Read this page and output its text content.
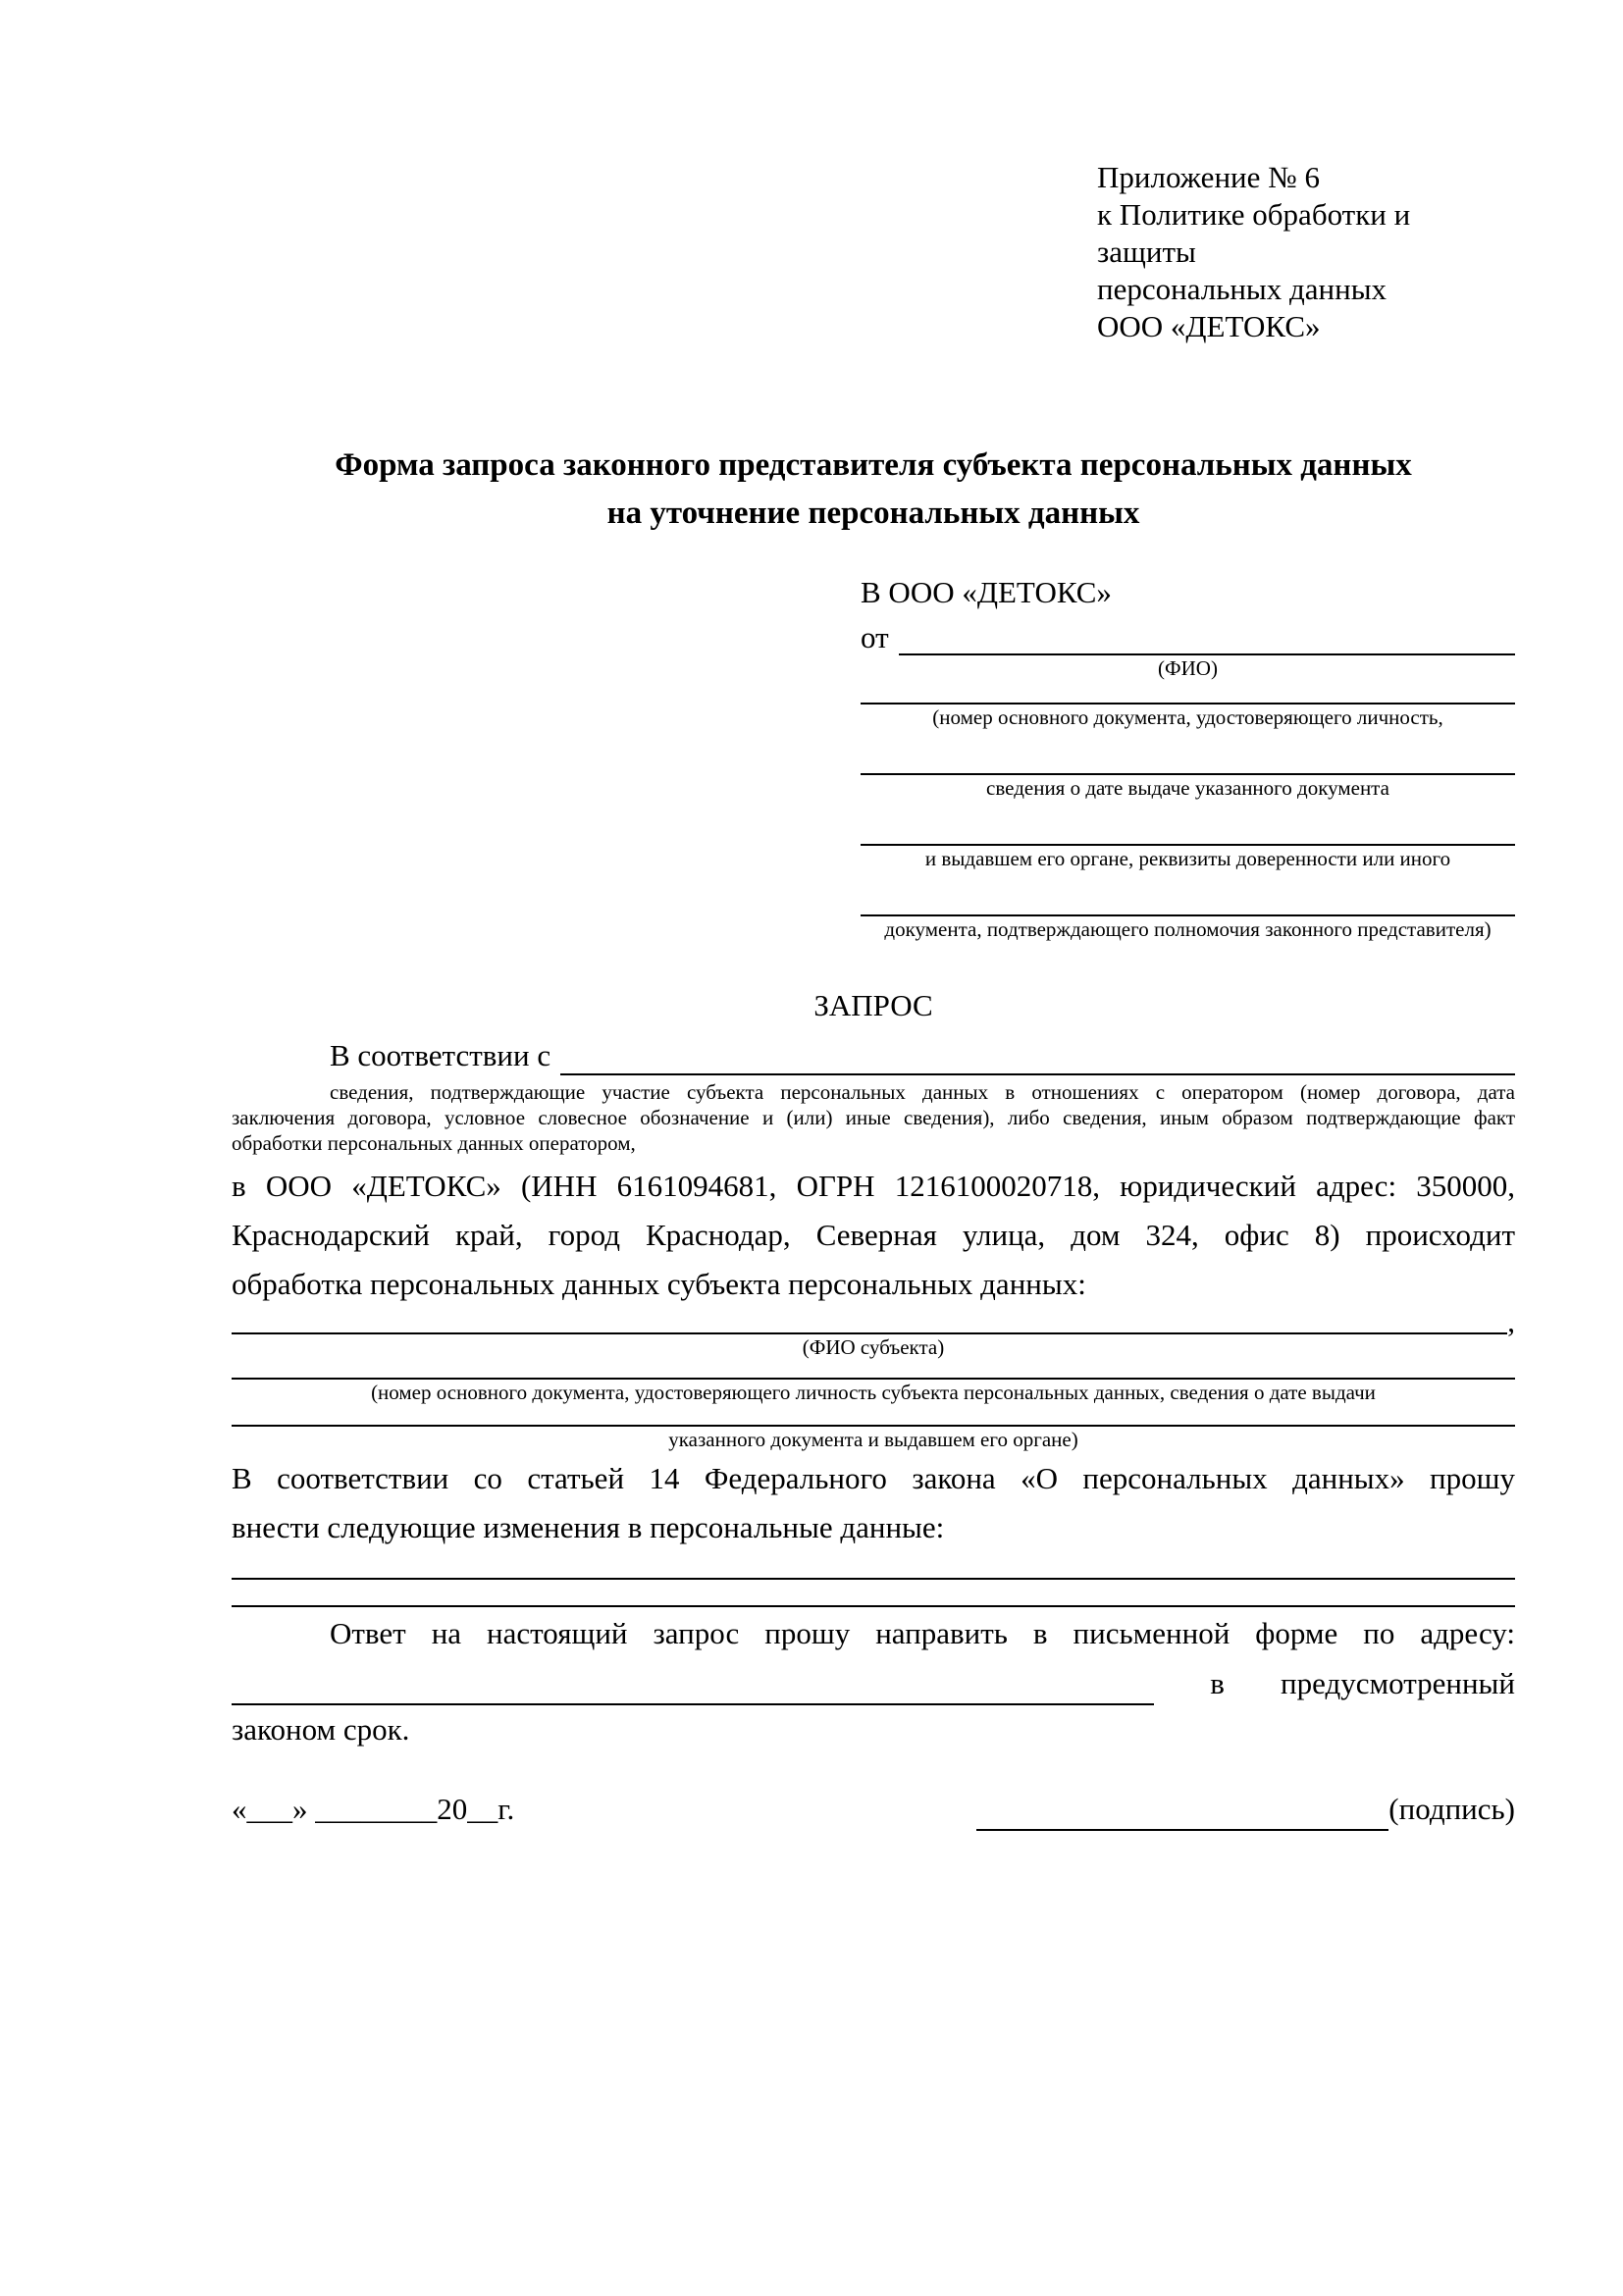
Приложение № 6
к Политике обработки и защиты
персональных данных
ООО «ДЕТОКС»
Форма запроса законного представителя субъекта персональных данных
на уточнение персональных данных
В ООО «ДЕТОКС»
от
(ФИО)
(номер основного документа, удостоверяющего личность,
сведения о дате выдаче указанного документа
и выдавшем его органе, реквизиты доверенности или иного
документа, подтверждающего полномочия законного представителя)
ЗАПРОС
В соответствии с
сведения, подтверждающие участие субъекта персональных данных в отношениях с оператором (номер договора, дата
заключения договора, условное словесное обозначение и (или) иные сведения), либо сведения, иным образом подтверждающие факт
обработки персональных данных оператором,
в ООО «ДЕТОКС» (ИНН 6161094681, ОГРН 1216100020718, юридический адрес: 350000,
Краснодарский край, город Краснодар, Северная улица, дом 324, офис 8) происходит
обработка персональных данных субъекта персональных данных:
,
(ФИО субъекта)
(номер основного документа, удостоверяющего личность субъекта персональных данных, сведения о дате выдачи
указанного документа и выдавшем его органе)
В соответствии со статьей 14 Федерального закона «О персональных данных» прошу
внести следующие изменения в персональные данные:
Ответ на настоящий запрос прошу направить в письменной форме по адресу:
в предусмотренный
законом срок.
«___» ________20__г.	(подпись)
